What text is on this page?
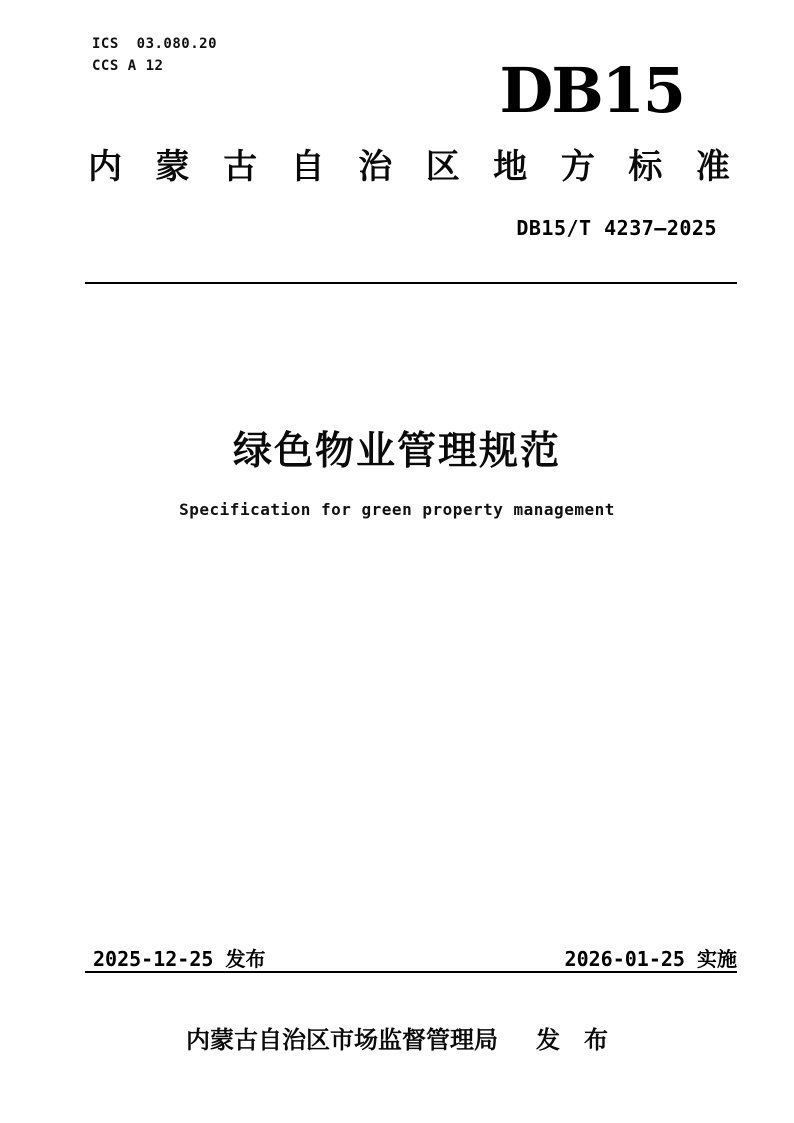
ICS  03.080.20
CCS A 12	DB15
内 蒙 古 自 治 区 地 方 标 准
DB15/T 4237—2025
绿色物业管理规范
Specification for green property management
2025-12-25 发布	2026-01-25 实施
内蒙古自治区市场监督管理局 发　布
